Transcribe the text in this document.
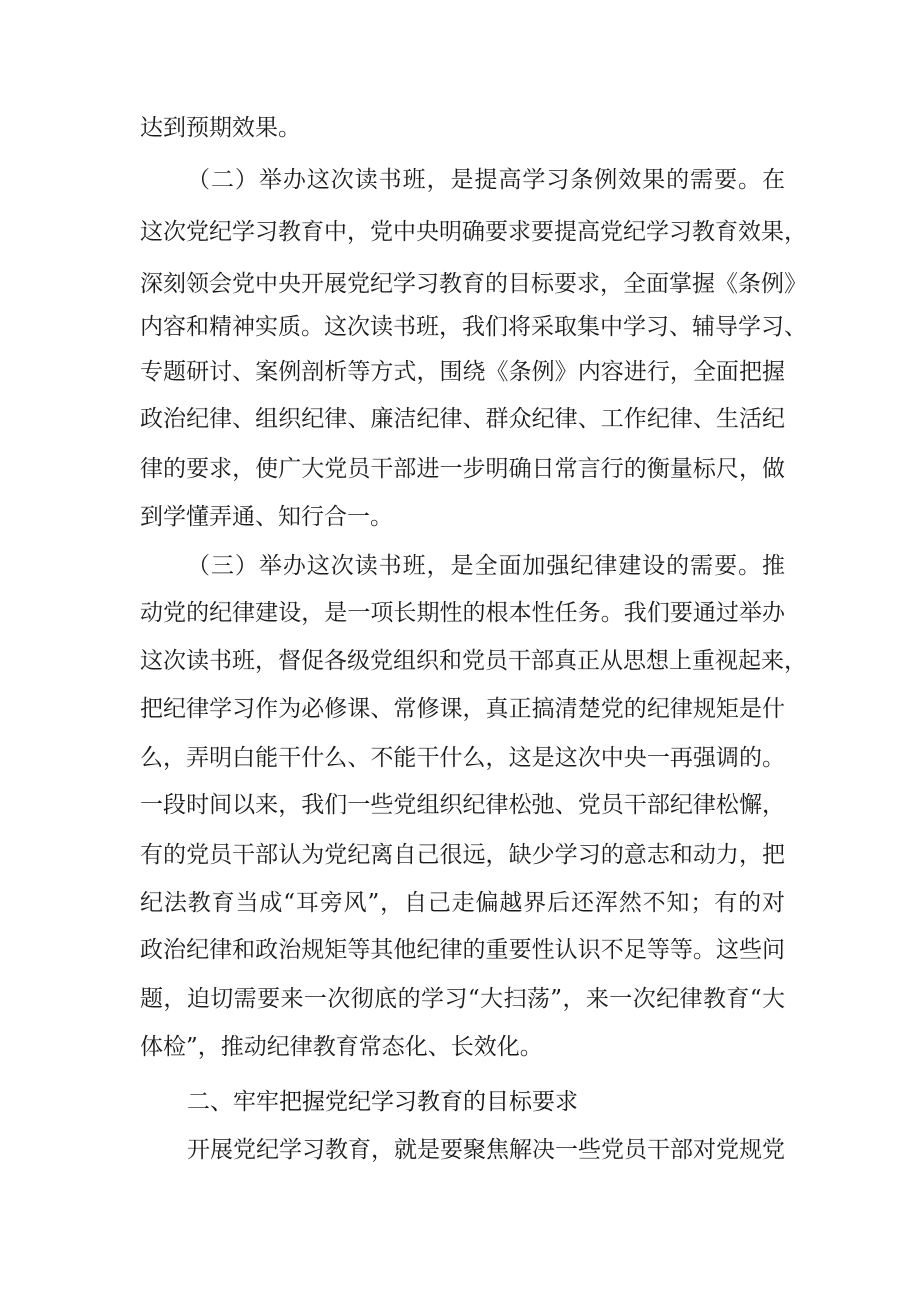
达到预期效果。
（二）举办这次读书班，是提高学习条例效果的需要。在
这次党纪学习教育中，党中央明确要求要提高党纪学习教育效果，
深刻领会党中央开展党纪学习教育的目标要求，全面掌握《条例》
内容和精神实质。这次读书班，我们将采取集中学习、辅导学习、
专题研讨、案例剖析等方式，围绕《条例》内容进行，全面把握
政治纪律、组织纪律、廉洁纪律、群众纪律、工作纪律、生活纪
律的要求，使广大党员干部进一步明确日常言行的衡量标尺，做
到学懂弄通、知行合一。
（三）举办这次读书班，是全面加强纪律建设的需要。推
动党的纪律建设，是一项长期性的根本性任务。我们要通过举办
这次读书班，督促各级党组织和党员干部真正从思想上重视起来，
把纪律学习作为必修课、常修课，真正搞清楚党的纪律规矩是什
么，弄明白能干什么、不能干什么，这是这次中央一再强调的。
一段时间以来，我们一些党组织纪律松弛、党员干部纪律松懈，
有的党员干部认为党纪离自己很远，缺少学习的意志和动力，把
纪法教育当成“耳旁风”，自己走偏越界后还浑然不知；有的对
政治纪律和政治规矩等其他纪律的重要性认识不足等等。这些问
题，迫切需要来一次彻底的学习“大扫荡”，来一次纪律教育“大
体检”，推动纪律教育常态化、长效化。
二、牢牢把握党纪学习教育的目标要求
开展党纪学习教育，就是要聚焦解决一些党员干部对党规党
